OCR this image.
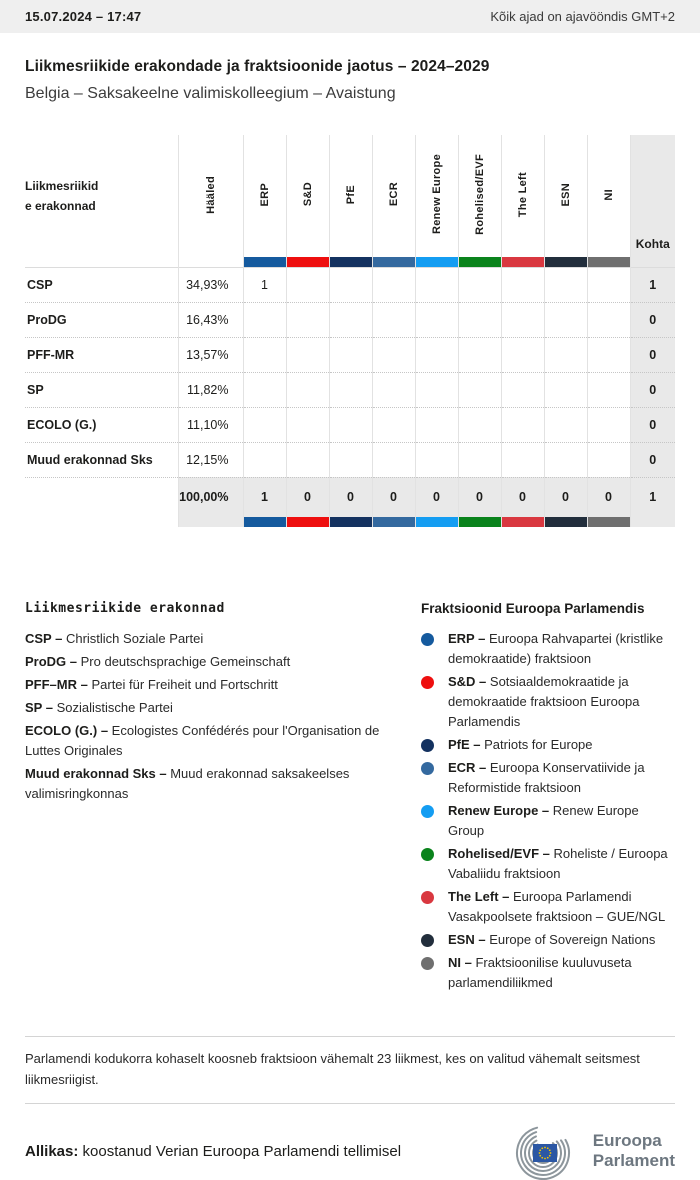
15.07.2024 – 17:47	Kõik ajad on ajavööndis GMT+2
Liikmesriikide erakondade ja fraktsioonide jaotus – 2024–2029
Belgia – Saksakeelne valimiskolleegium – Avaistung
Liikmesriikide erakonnad	Hääled	ERP	S&D	PfE	ECR	Renew Europe	Rohelised/EVF	The Left	ESN	NI	Kohta

CSP	34,93%	1									1
ProDG	16,43%										0
PFF-MR	13,57%										0
SP	11,82%										0
ECOLO (G.)	11,10%										0
Muud erakonnad Sks	12,15%										0
	100,00%	1	0	0	0	0	0	0	0	0	1

Liikmesriikide erakonnad
CSP – Christlich Soziale Partei
ProDG – Pro deutschsprachige Gemeinschaft
PFF–MR – Partei für Freiheit und Fortschritt
SP – Sozialistische Partei
ECOLO (G.) – Ecologistes Confédérés pour l'Organisation de Luttes Originales
Muud erakonnad Sks – Muud erakonnad saksakeelses valimisringkonnas
Fraktsioonid Euroopa Parlamendis
ERP – Euroopa Rahvapartei (kristlike demokraatide) fraktsioon
S&D – Sotsiaaldemokraatide ja demokraatide fraktsioon Euroopa Parlamendis
PfE – Patriots for Europe
ECR – Euroopa Konservatiivide ja Reformistide fraktsioon
Renew Europe – Renew Europe Group
Rohelised/EVF – Roheliste / Euroopa Vabaliidu fraktsioon
The Left – Euroopa Parlamendi Vasakpoolsete fraktsioon – GUE/NGL
ESN – Europe of Sovereign Nations
NI – Fraktsioonilise kuuluvuseta parlamendiliikmed
Parlamendi kodukorra kohaselt koosneb fraktsioon vähemalt 23 liikmest, kes on valitud vähemalt seitsmest liikmesriigist.
Allikas: koostanud Verian Euroopa Parlamendi tellimisel
Euroopa
Parlament
